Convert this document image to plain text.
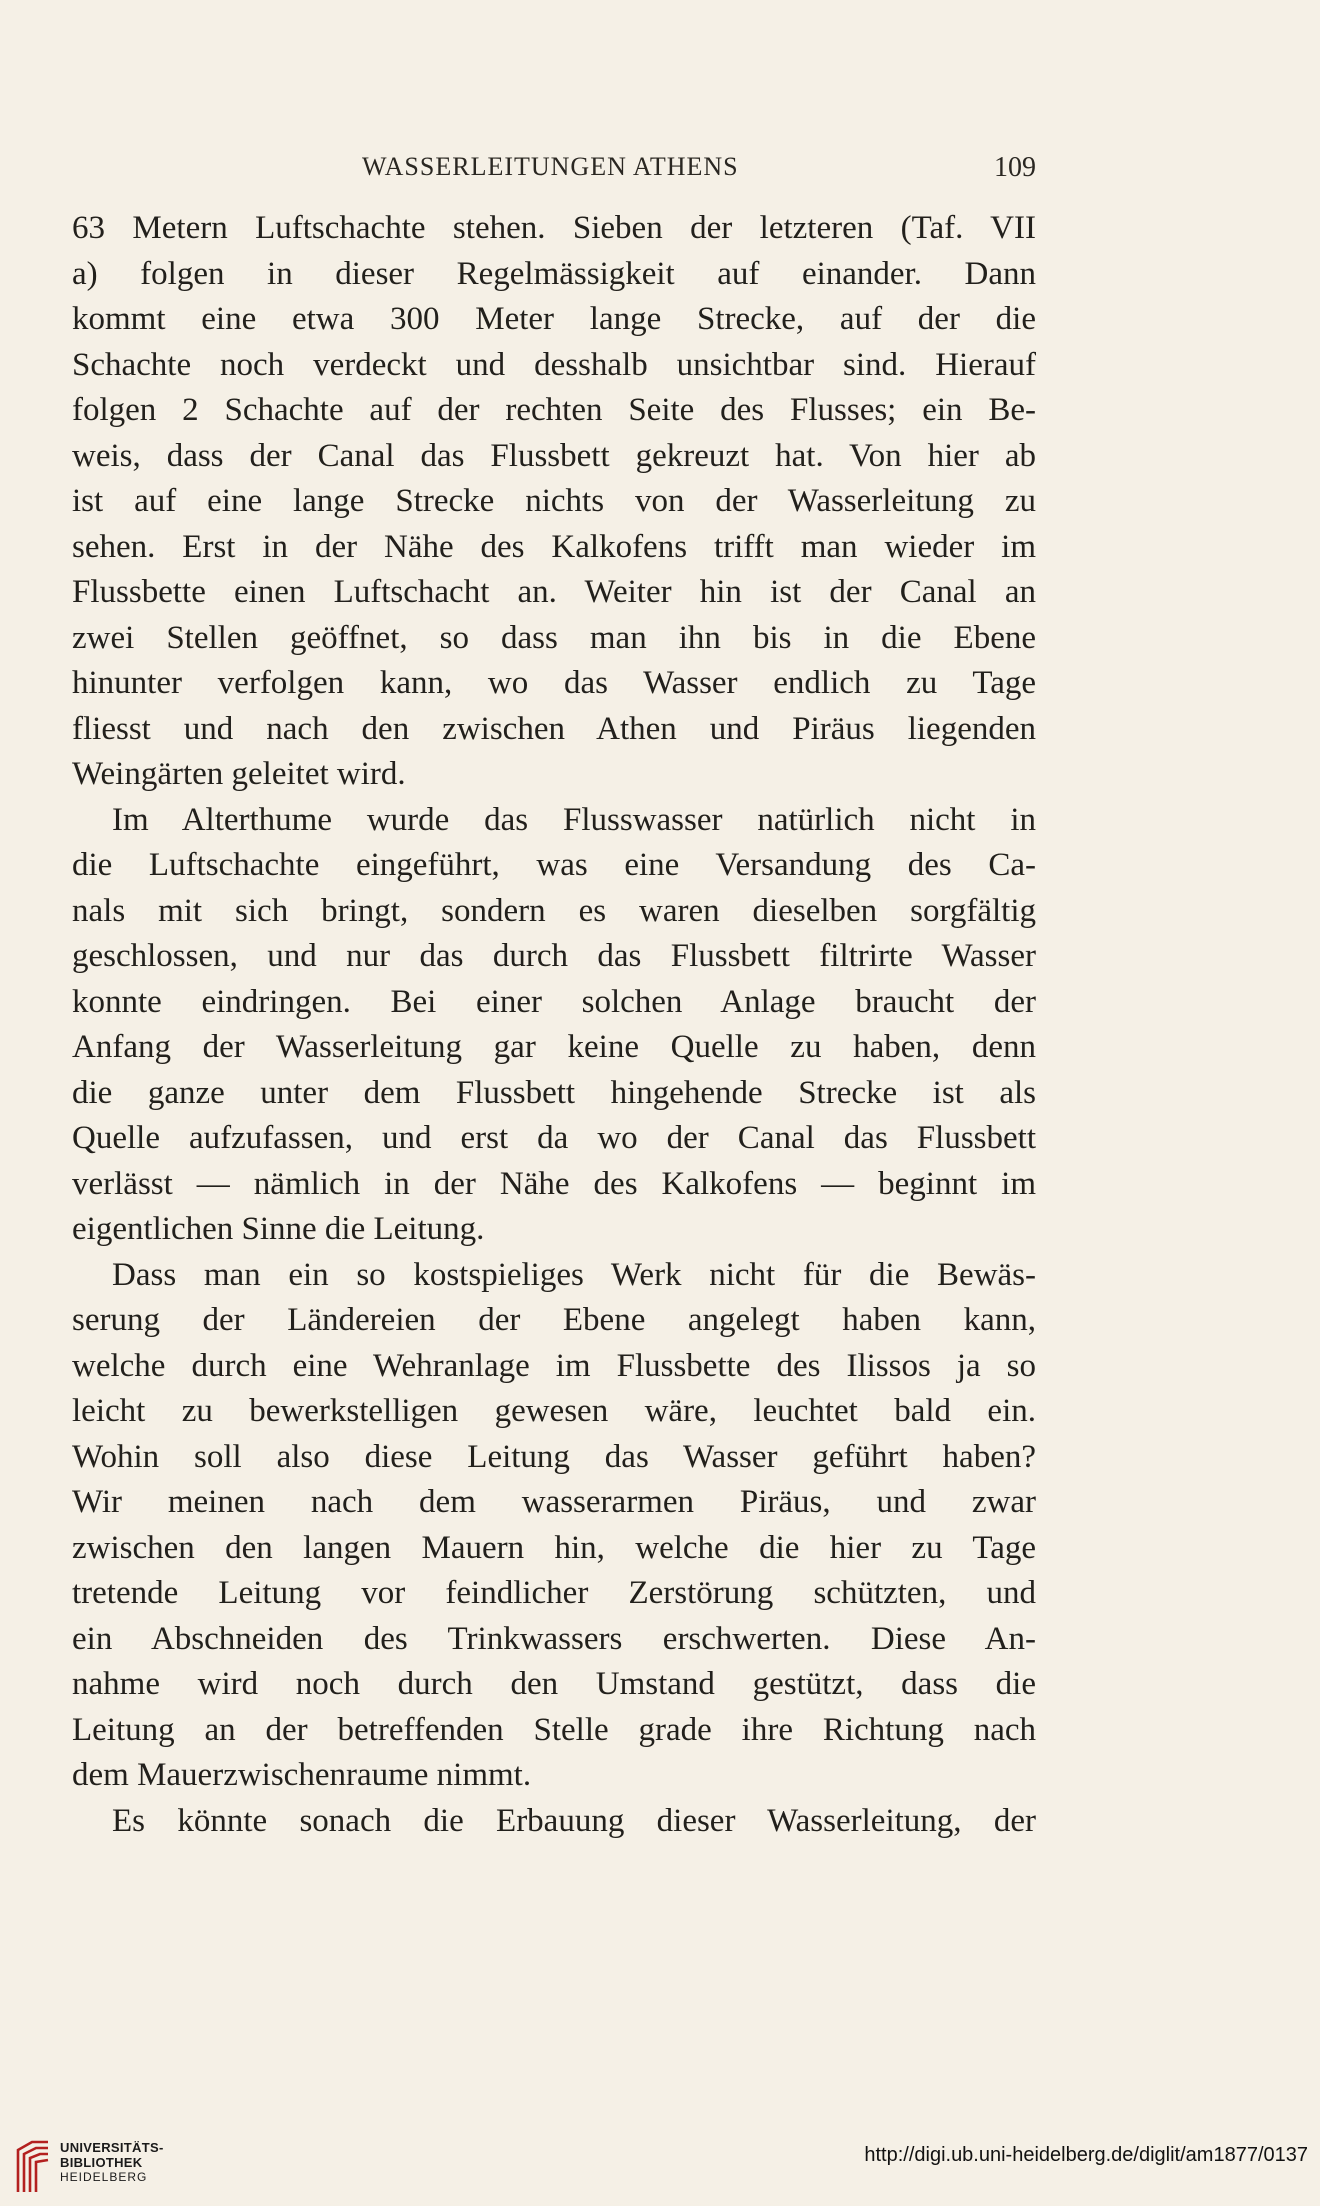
WASSERLEITUNGEN ATHENS	109
63 Metern Luftschachte stehen. Sieben der letzteren (Taf. VII
a) folgen in dieser Regelmässigkeit auf einander. Dann
kommt eine etwa 300 Meter lange Strecke, auf der die
Schachte noch verdeckt und desshalb unsichtbar sind. Hierauf
folgen 2 Schachte auf der rechten Seite des Flusses; ein Be-
weis, dass der Canal das Flussbett gekreuzt hat. Von hier ab
ist auf eine lange Strecke nichts von der Wasserleitung zu
sehen. Erst in der Nähe des Kalkofens trifft man wieder im
Flussbette einen Luftschacht an. Weiter hin ist der Canal an
zwei Stellen geöffnet, so dass man ihn bis in die Ebene
hinunter verfolgen kann, wo das Wasser endlich zu Tage
fliesst und nach den zwischen Athen und Piräus liegenden
Weingärten geleitet wird.
Im Alterthume wurde das Flusswasser natürlich nicht in
die Luftschachte eingeführt, was eine Versandung des Ca-
nals mit sich bringt, sondern es waren dieselben sorgfältig
geschlossen, und nur das durch das Flussbett filtrirte Wasser
konnte eindringen. Bei einer solchen Anlage braucht der
Anfang der Wasserleitung gar keine Quelle zu haben, denn
die ganze unter dem Flussbett hingehende Strecke ist als
Quelle aufzufassen, und erst da wo der Canal das Flussbett
verlässt — nämlich in der Nähe des Kalkofens — beginnt im
eigentlichen Sinne die Leitung.
Dass man ein so kostspieliges Werk nicht für die Bewäs-
serung der Ländereien der Ebene angelegt haben kann,
welche durch eine Wehranlage im Flussbette des Ilissos ja so
leicht zu bewerkstelligen gewesen wäre, leuchtet bald ein.
Wohin soll also diese Leitung das Wasser geführt haben?
Wir meinen nach dem wasserarmen Piräus, und zwar
zwischen den langen Mauern hin, welche die hier zu Tage
tretende Leitung vor feindlicher Zerstörung schützten, und
ein Abschneiden des Trinkwassers erschwerten. Diese An-
nahme wird noch durch den Umstand gestützt, dass die
Leitung an der betreffenden Stelle grade ihre Richtung nach
dem Mauerzwischenraume nimmt.
Es könnte sonach die Erbauung dieser Wasserleitung, der
UNIVERSITÄTS-
BIBLIOTHEK
HEIDELBERG
http://digi.ub.uni-heidelberg.de/diglit/am1877/0137
